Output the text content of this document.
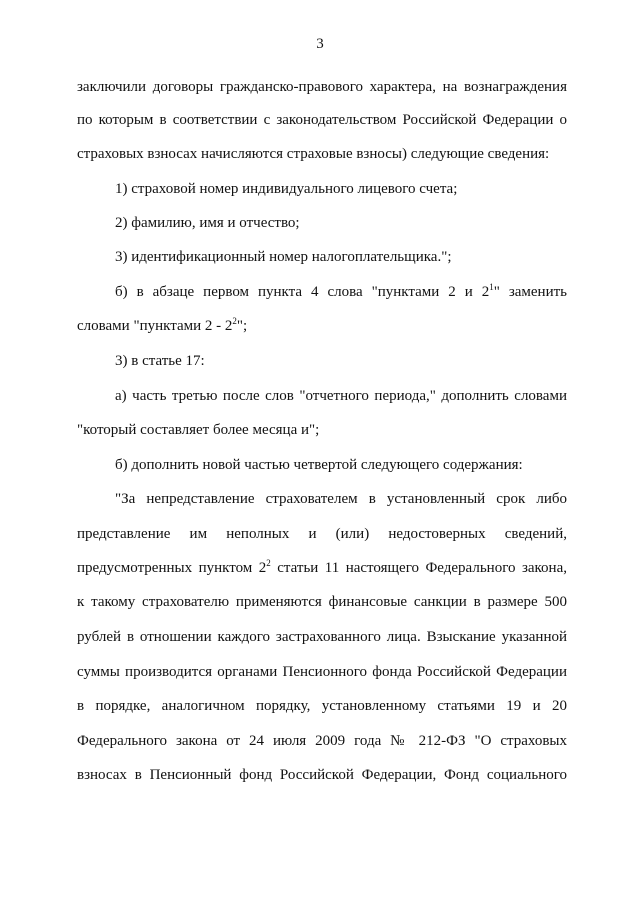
3
заключили договоры гражданско-правового характера, на вознаграждения
по которым в соответствии с законодательством Российской Федерации о
страховых взносах начисляются страховые взносы) следующие сведения:
1) страховой номер индивидуального лицевого счета;
2) фамилию, имя и отчество;
3) идентификационный номер налогоплательщика.";
б) в абзаце первом пункта 4 слова "пунктами 2 и $2^1$" заменить
словами "пунктами $2 - 2^2$";
3) в статье 17:
а) часть третью после слов "отчетного периода," дополнить словами
"который составляет более месяца и";
б) дополнить новой частью четвертой следующего содержания:
"За непредставление страхователем в установленный срок либо
представление им неполных и (или) недостоверных сведений,
предусмотренных пунктом $2^2$ статьи 11 настоящего Федерального закона,
к такому страхователю применяются финансовые санкции в размере 500
рублей в отношении каждого застрахованного лица. Взыскание указанной
суммы производится органами Пенсионного фонда Российской Федерации
в порядке, аналогичном порядку, установленному статьями 19 и 20
Федерального закона от 24 июля 2009 года № 212-ФЗ "О страховых
взносах в Пенсионный фонд Российской Федерации, Фонд социального
